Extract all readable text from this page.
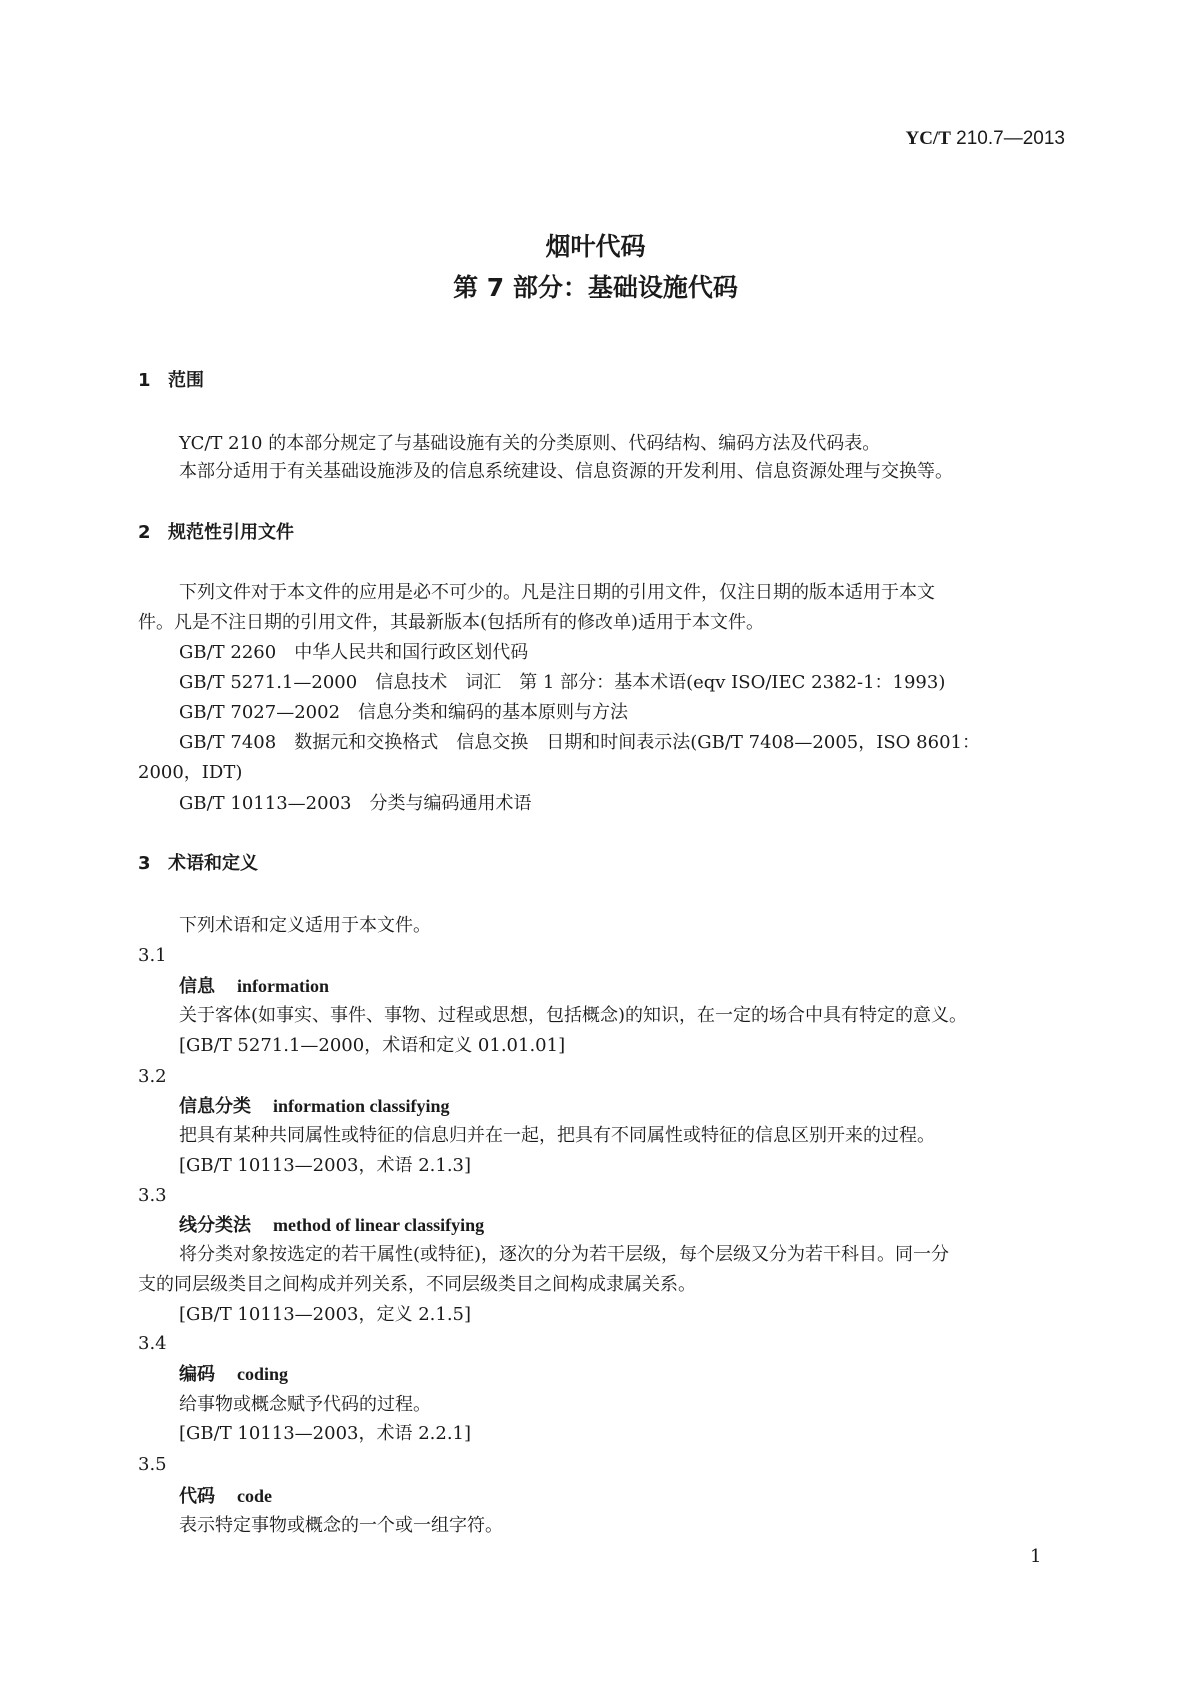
YC/T 210.7—2013
烟叶代码
第 7 部分：基础设施代码
1 范围
YC/T 210 的本部分规定了与基础设施有关的分类原则、代码结构、编码方法及代码表。
本部分适用于有关基础设施涉及的信息系统建设、信息资源的开发利用、信息资源处理与交换等。
2 规范性引用文件
下列文件对于本文件的应用是必不可少的。凡是注日期的引用文件，仅注日期的版本适用于本文
件。凡是不注日期的引用文件，其最新版本(包括所有的修改单)适用于本文件。
GB/T 2260　中华人民共和国行政区划代码
GB/T 5271.1—2000　信息技术　词汇　第 1 部分：基本术语(eqv ISO/IEC 2382-1：1993)
GB/T 7027—2002　信息分类和编码的基本原则与方法
GB/T 7408　数据元和交换格式　信息交换　日期和时间表示法(GB/T 7408—2005，ISO 8601：
2000，IDT)
GB/T 10113—2003　分类与编码通用术语
3 术语和定义
下列术语和定义适用于本文件。
3.1
信息 information
关于客体(如事实、事件、事物、过程或思想，包括概念)的知识，在一定的场合中具有特定的意义。
[GB/T 5271.1—2000，术语和定义 01.01.01]
3.2
信息分类 information classifying
把具有某种共同属性或特征的信息归并在一起，把具有不同属性或特征的信息区别开来的过程。
[GB/T 10113—2003，术语 2.1.3]
3.3
线分类法 method of linear classifying
将分类对象按选定的若干属性(或特征)，逐次的分为若干层级，每个层级又分为若干科目。同一分
支的同层级类目之间构成并列关系，不同层级类目之间构成隶属关系。
[GB/T 10113—2003，定义 2.1.5]
3.4
编码 coding
给事物或概念赋予代码的过程。
[GB/T 10113—2003，术语 2.2.1]
3.5
代码 code
表示特定事物或概念的一个或一组字符。
1
